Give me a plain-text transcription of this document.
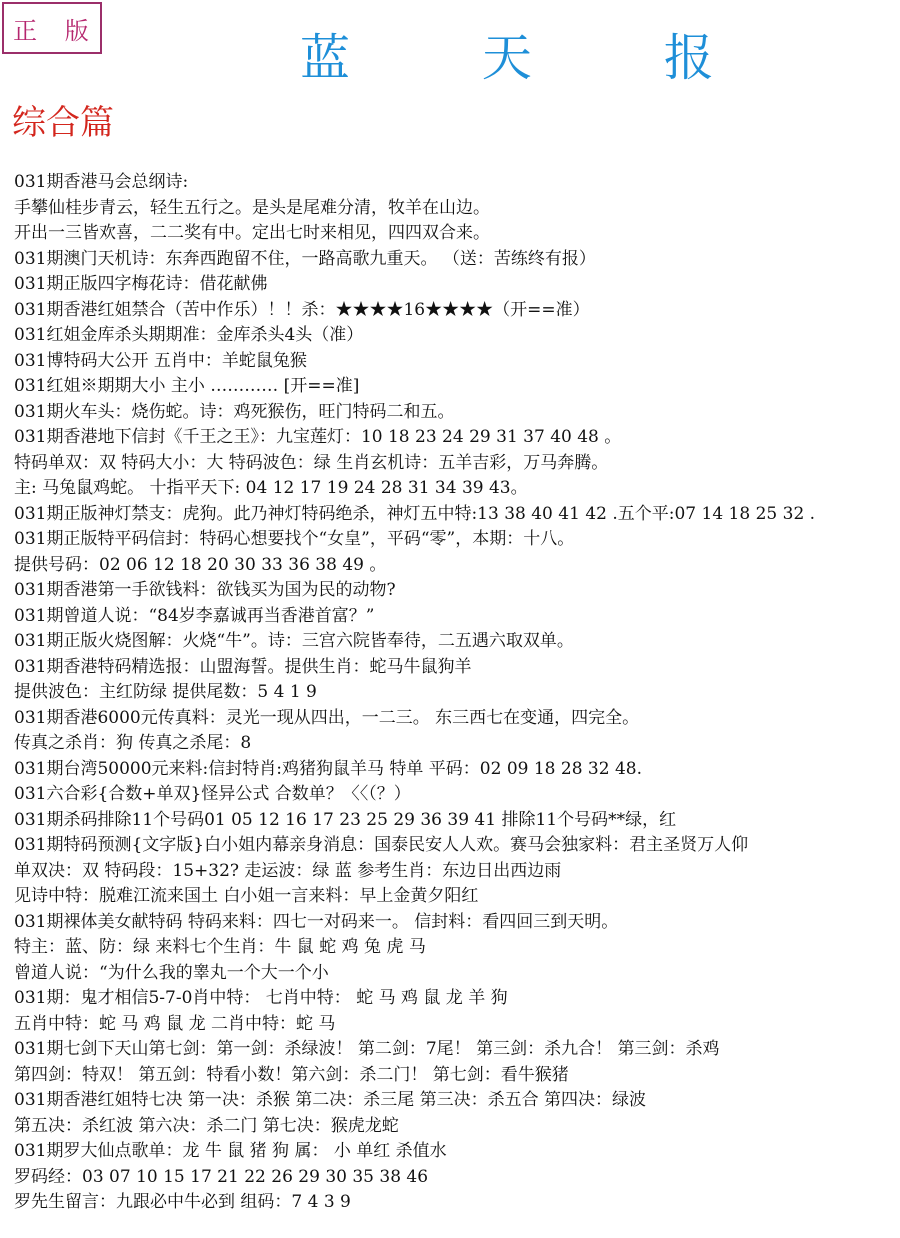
正 版	蓝 天 报
综合篇
031期香港马会总纲诗:
手攀仙桂步青云，轻生五行之。是头是尾难分清，牧羊在山边。
开出一三皆欢喜，二二奖有中。定出七时来相见，四四双合来。
031期澳门天机诗：东奔西跑留不住，一路高歌九重天。 （送：苦练终有报）
031期正版四字梅花诗：借花献佛
031期香港红姐禁合（苦中作乐）！！杀：★★★★16★★★★（开==准）
031红姐金库杀头期期准：金库杀头4头（准）
031博特码大公开 五肖中：羊蛇鼠兔猴
031红姐※期期大小 主小 ………… [开==准]
031期火车头：烧伤蛇。诗：鸡死猴伤，旺门特码二和五。
031期香港地下信封《千王之王》：九宝莲灯：10 18 23 24 29 31 37 40 48 。
特码单双：双 特码大小：大 特码波色：绿 生肖玄机诗：五羊吉彩，万马奔腾。
主: 马兔鼠鸡蛇。 十指平天下: 04 12 17 19 24 28 31 34 39 43。
031期正版神灯禁支：虎狗。此乃神灯特码绝杀，神灯五中特:13 38 40 41 42 .五个平:07 14 18 25 32 .
031期正版特平码信封：特码心想要找个“女皇”，平码“零”，本期：十八。
提供号码：02 06 12 18 20 30 33 36 38 49 。
031期香港第一手欲钱料：欲钱买为国为民的动物?
031期曾道人说：“84岁李嘉诚再当香港首富？”
031期正版火烧图解：火烧“牛”。诗：三宫六院皆奉待，二五遇六取双单。
031期香港特码精选报：山盟海誓。提供生肖：蛇马牛鼠狗羊
提供波色：主红防绿 提供尾数：5 4 1 9
031期香港6000元传真料：灵光一现从四出，一二三。 东三西七在变通，四完全。
传真之杀肖：狗 传真之杀尾：8
031期台湾50000元来料:信封特肖:鸡猪狗鼠羊马 特单 平码：02 09 18 28 32 48.
031六合彩{合数+单双}怪异公式 合数单？〈〈（？）
031期杀码排除11个号码01 05 12 16 17 23 25 29 36 39 41 排除11个号码**绿，红
031期特码预测{文字版}白小姐内幕亲身消息：国泰民安人人欢。赛马会独家料：君主圣贤万人仰
单双决：双 特码段：15+32? 走运波：绿 蓝 参考生肖：东边日出西边雨
见诗中特：脱难江流来国土 白小姐一言来料：早上金黄夕阳红
031期裸体美女献特码 特码来料：四七一对码来一。 信封料：看四回三到天明。
特主：蓝、防：绿 来料七个生肖：牛 鼠 蛇 鸡 兔 虎 马
曾道人说：“为什么我的睾丸一个大一个小
031期：鬼才相信5-7-0肖中特： 七肖中特： 蛇 马 鸡 鼠 龙 羊 狗
五肖中特：蛇 马 鸡 鼠 龙 二肖中特：蛇 马
031期七剑下天山第七剑：第一剑：杀绿波！ 第二剑：7尾！ 第三剑：杀九合！ 第三剑：杀鸡
第四剑：特双！ 第五剑：特看小数！第六剑：杀二门！ 第七剑：看牛猴猪
031期香港红姐特七决 第一决：杀猴 第二决：杀三尾 第三决：杀五合 第四决：绿波
第五决：杀红波 第六决：杀二门 第七决：猴虎龙蛇
031期罗大仙点歌单：龙 牛 鼠 猪 狗 属： 小 单红 杀值水
罗码经：03 07 10 15 17 21 22 26 29 30 35 38 46
罗先生留言：九跟必中牛必到 组码：7 4 3 9
